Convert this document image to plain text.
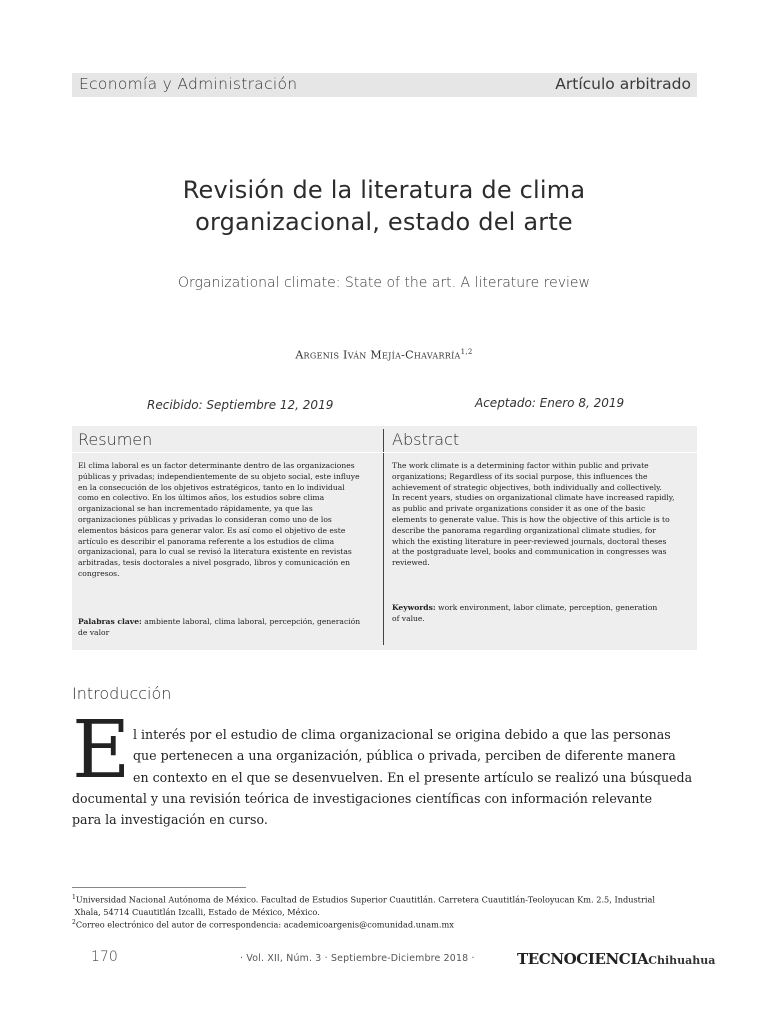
Economía y Administración	Artículo arbitrado
Revisión de la literatura de clima
organizacional, estado del arte
Organizational climate: State of the art. A literature review
Argenis Iván Mejía-Chavarría$^{1,2}$
Recibido: Septiembre 12, 2019	Aceptado: Enero 8, 2019
Resumen

El clima laboral es un factor determinante dentro de las organizaciones
públicas y privadas; independientemente de su objeto social, este influye
en la consecución de los objetivos estratégicos, tanto en lo individual
como en colectivo. En los últimos años, los estudios sobre clima
organizacional se han incrementado rápidamente, ya que las
organizaciones públicas y privadas lo consideran como uno de los
elementos básicos para generar valor. Es así como el objetivo de este
artículo es describir el panorama referente a los estudios de clima
organizacional, para lo cual se revisó la literatura existente en revistas
arbitradas, tesis doctorales a nivel posgrado, libros y comunicación en
congresos.

Palabras clave: ambiente laboral, clima laboral, percepción, generación
de valor

Abstract

The work climate is a determining factor within public and private
organizations; Regardless of its social purpose, this influences the
achievement of strategic objectives, both individually and collectively.
In recent years, studies on organizational climate have increased rapidly,
as public and private organizations consider it as one of the basic
elements to generate value. This is how the objective of this article is to
describe the panorama regarding organizational climate studies, for
which the existing literature in peer-reviewed journals, doctoral theses
at the postgraduate level, books and communication in congresses was
reviewed.

Keywords: work environment, labor climate, perception, generation
of value.

Introducción
E l interés por el estudio de clima organizacional se origina debido a que las personas
que pertenecen a una organización, pública o privada, perciben de diferente manera
en contexto en el que se desenvuelven. En el presente artículo se realizó una búsqueda
documental y una revisión teórica de investigaciones científicas con información relevante
para la investigación en curso.
$^1$Universidad Nacional Autónoma de México. Facultad de Estudios Superior Cuautitlán. Carretera Cuautitlán-Teoloyucan Km. 2.5, Industrial
Xhala, 54714 Cuautitlán Izcalli, Estado de México, México.
$^2$Correo electrónico del autor de correspondencia: academicoargenis@comunidad.unam.mx
170	· Vol. XII, Núm. 3 · Septiembre-Diciembre 2018 ·	TECNOCIENCIAChihuahua
